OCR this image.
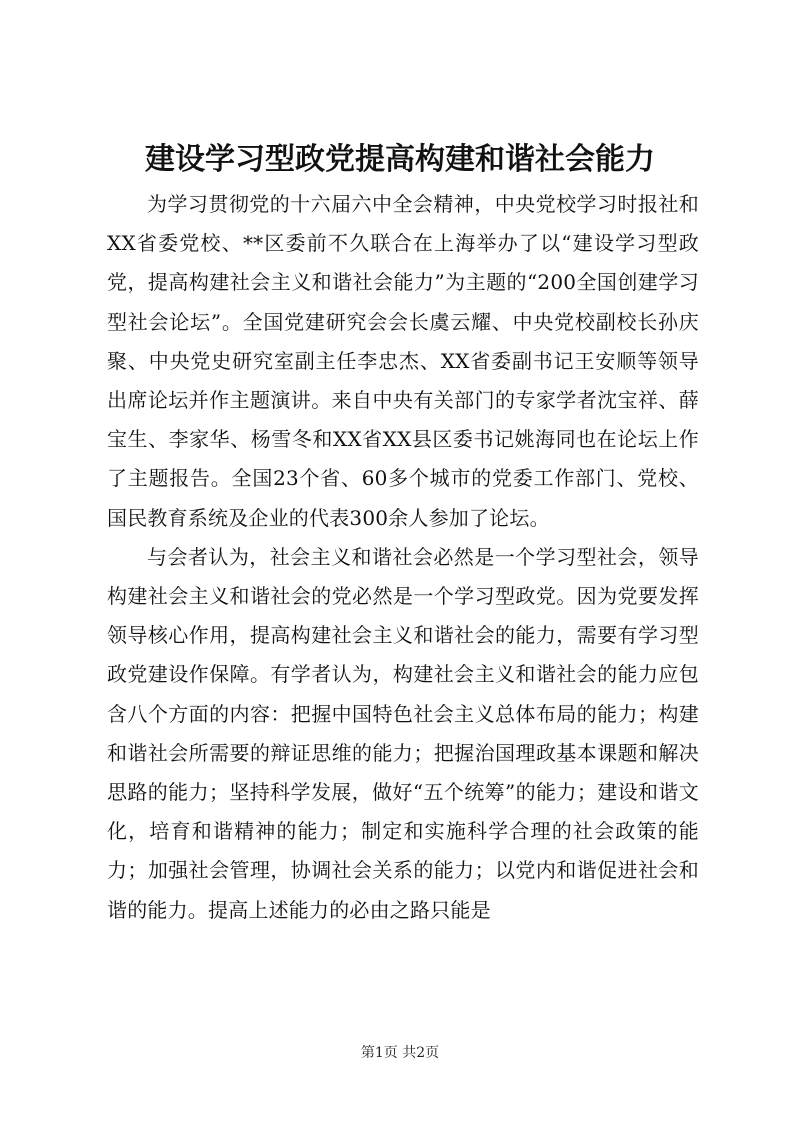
建设学习型政党提高构建和谐社会能力

为学习贯彻党的十六届六中全会精神，中央党校学习时报社和XX省委党校、**区委前不久联合在上海举办了以“建设学习型政党，提高构建社会主义和谐社会能力”为主题的“200全国创建学习型社会论坛”。全国党建研究会会长虞云耀、中央党校副校长孙庆聚、中央党史研究室副主任李忠杰、XX省委副书记王安顺等领导出席论坛并作主题演讲。来自中央有关部门的专家学者沈宝祥、薛宝生、李家华、杨雪冬和XX省XX县区委书记姚海同也在论坛上作了主题报告。全国23个省、60多个城市的党委工作部门、党校、国民教育系统及企业的代表300余人参加了论坛。

与会者认为，社会主义和谐社会必然是一个学习型社会，领导构建社会主义和谐社会的党必然是一个学习型政党。因为党要发挥领导核心作用，提高构建社会主义和谐社会的能力，需要有学习型政党建设作保障。有学者认为，构建社会主义和谐社会的能力应包含八个方面的内容：把握中国特色社会主义总体布局的能力；构建和谐社会所需要的辩证思维的能力；把握治国理政基本课题和解决思路的能力；坚持科学发展，做好“五个统筹”的能力；建设和谐文化，培育和谐精神的能力；制定和实施科学合理的社会政策的能力；加强社会管理，协调社会关系的能力；以党内和谐促进社会和谐的能力。提高上述能力的必由之路只能是

第1页 共2页
